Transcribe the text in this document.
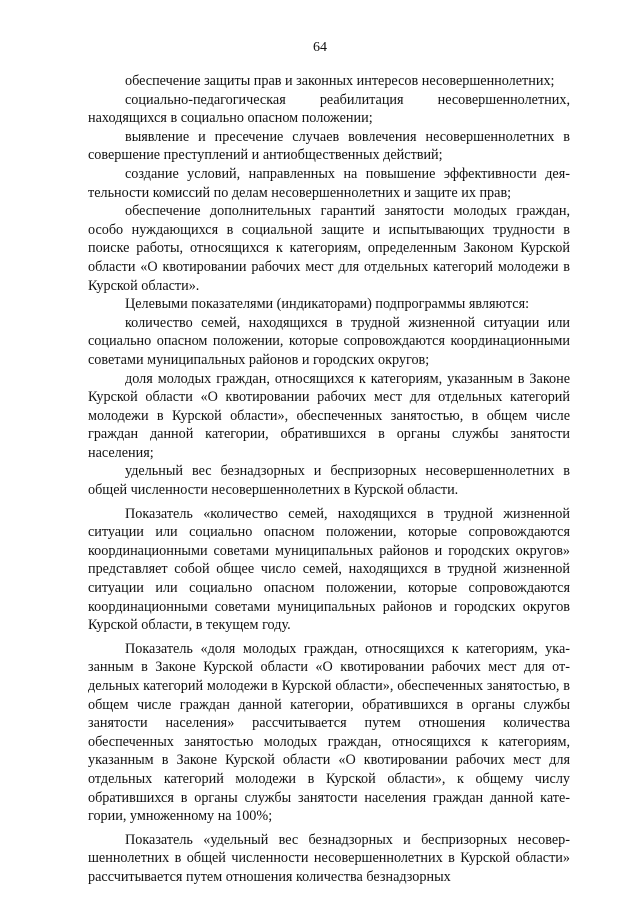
64

обеспечение защиты прав и законных интересов несовершеннолетних;

социально-педагогическая реабилитация несовершеннолетних, находящихся в социально опасном положении;

выявление и пресечение случаев вовлечения несовершеннолетних в совершение преступлений и антиобщественных действий;

создание условий, направленных на повышение эффективности деятельности комиссий по делам несовершеннолетних и защите их прав;

обеспечение дополнительных гарантий занятости молодых граждан, особо нуждающихся в социальной защите и испытывающих трудности в поиске работы, относящихся к категориям, определенным Законом Курской области «О квотировании рабочих мест для отдельных категорий молодежи в Курской области».

Целевыми показателями (индикаторами) подпрограммы являются:

количество семей, находящихся в трудной жизненной ситуации или социально опасном положении, которые сопровождаются координационными советами муниципальных районов и городских округов;

доля молодых граждан, относящихся к категориям, указанным в Законе Курской области «О квотировании рабочих мест для отдельных категорий молодежи в Курской области», обеспеченных занятостью, в общем числе граждан данной категории, обратившихся в органы службы занятости населения;

удельный вес безнадзорных и беспризорных несовершеннолетних в общей численности несовершеннолетних в Курской области.

Показатель «количество семей, находящихся в трудной жизненной ситуации или социально опасном положении, которые сопровождаются координационными советами муниципальных районов и городских округов» представляет собой общее число семей, находящихся в трудной жизненной ситуации или социально опасном положении, которые сопровождаются координационными советами муниципальных районов и городских округов Курской области, в текущем году.

Показатель «доля молодых граждан, относящихся к категориям, указанным в Законе Курской области «О квотировании рабочих мест для отдельных категорий молодежи в Курской области», обеспеченных занятостью, в общем числе граждан данной категории, обратившихся в органы службы занятости населения» рассчитывается путем отношения количества обеспеченных занятостью молодых граждан, относящихся к категориям, указанным в Законе Курской области «О квотировании рабочих мест для отдельных категорий молодежи в Курской области», к общему числу обратившихся в органы службы занятости населения граждан данной категории, умноженному на 100%;

Показатель «удельный вес безнадзорных и беспризорных несовершеннолетних в общей численности несовершеннолетних в Курской области» рассчитывается путем отношения количества безнадзорных
